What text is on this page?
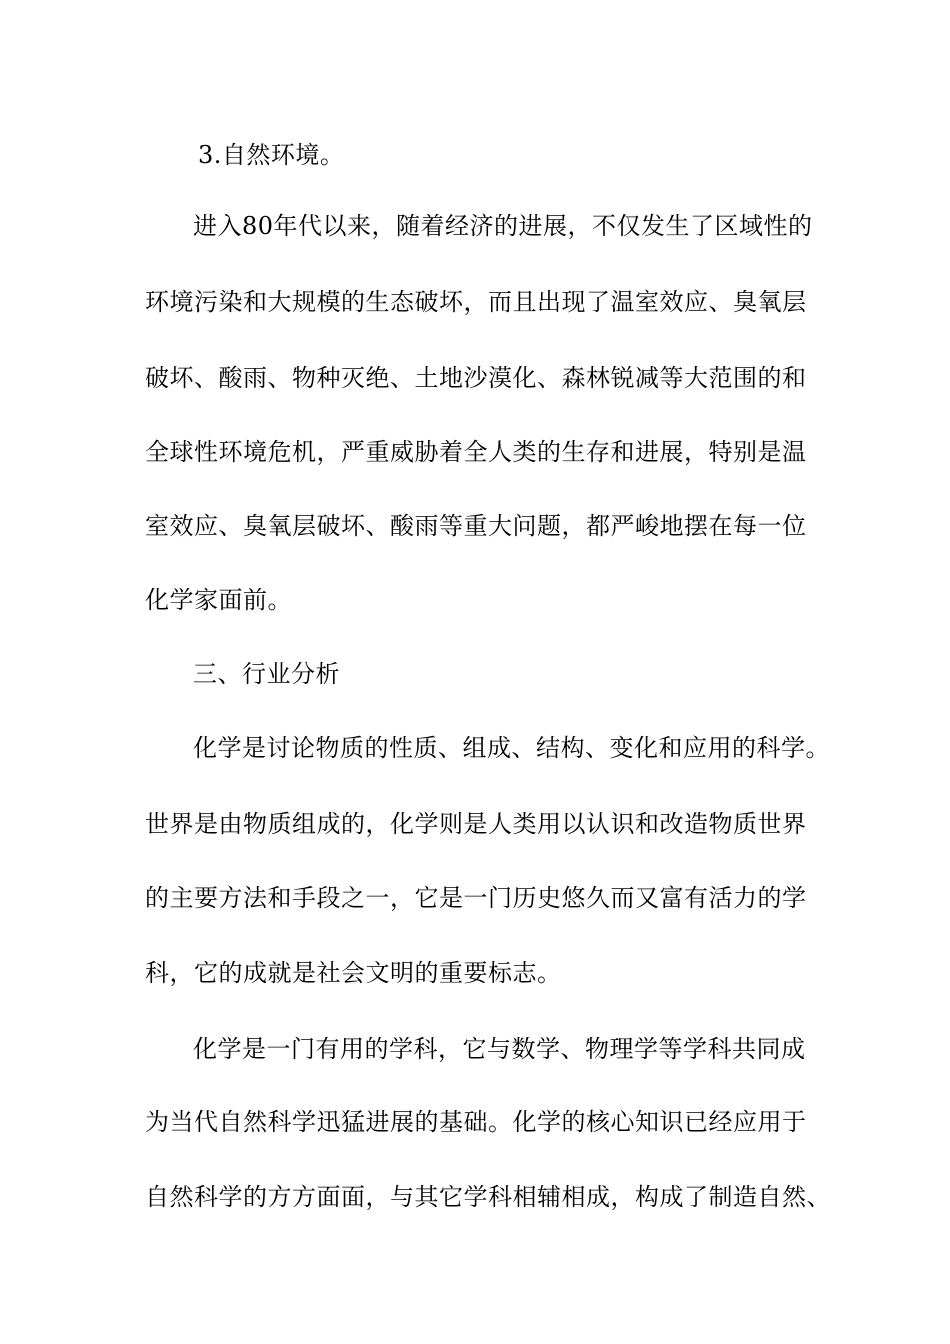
3.自然环境。
进入80年代以来，随着经济的进展，不仅发生了区域性的
环境污染和大规模的生态破坏，而且出现了温室效应、臭氧层
破坏、酸雨、物种灭绝、土地沙漠化、森林锐减等大范围的和
全球性环境危机，严重威胁着全人类的生存和进展，特别是温
室效应、臭氧层破坏、酸雨等重大问题，都严峻地摆在每一位
化学家面前。
三、行业分析
化学是讨论物质的性质、组成、结构、变化和应用的科学。
世界是由物质组成的，化学则是人类用以认识和改造物质世界
的主要方法和手段之一，它是一门历史悠久而又富有活力的学
科，它的成就是社会文明的重要标志。
化学是一门有用的学科，它与数学、物理学等学科共同成
为当代自然科学迅猛进展的基础。化学的核心知识已经应用于
自然科学的方方面面，与其它学科相辅相成，构成了制造自然、
